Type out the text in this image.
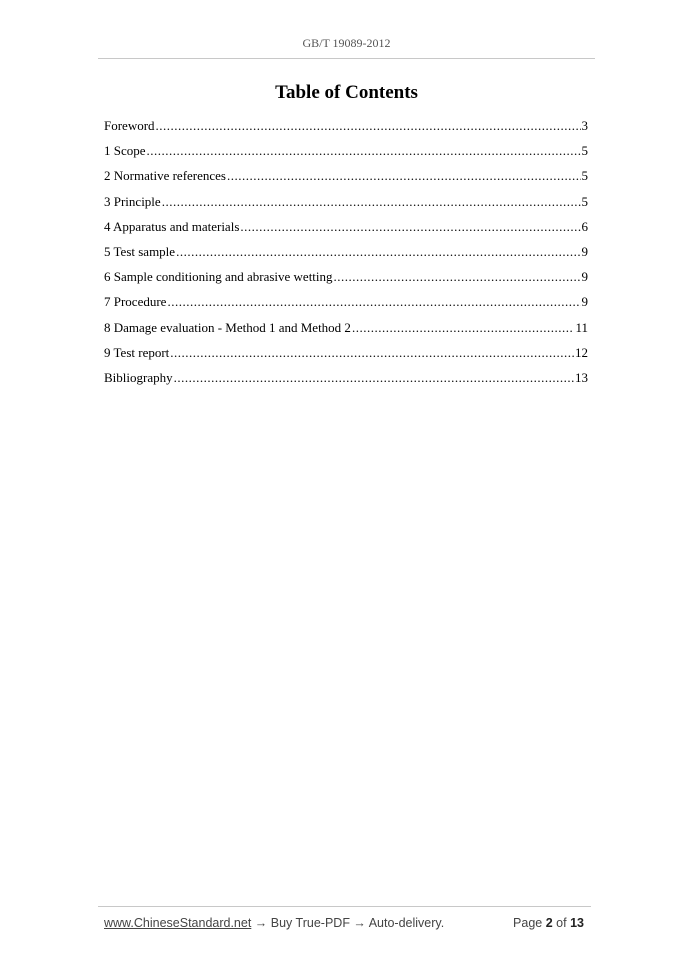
GB/T 19089-2012
Table of Contents
Foreword .....	3
1 Scope .....	5
2 Normative references .....	5
3 Principle .....	5
4 Apparatus and materials .....	6
5 Test sample .....	9
6 Sample conditioning and abrasive wetting .....	9
7 Procedure .....	9
8 Damage evaluation - Method 1 and Method 2 .....	11
9 Test report .....	12
Bibliography .....	13
www.ChineseStandard.net → Buy True-PDF → Auto-delivery.	Page 2 of 13
